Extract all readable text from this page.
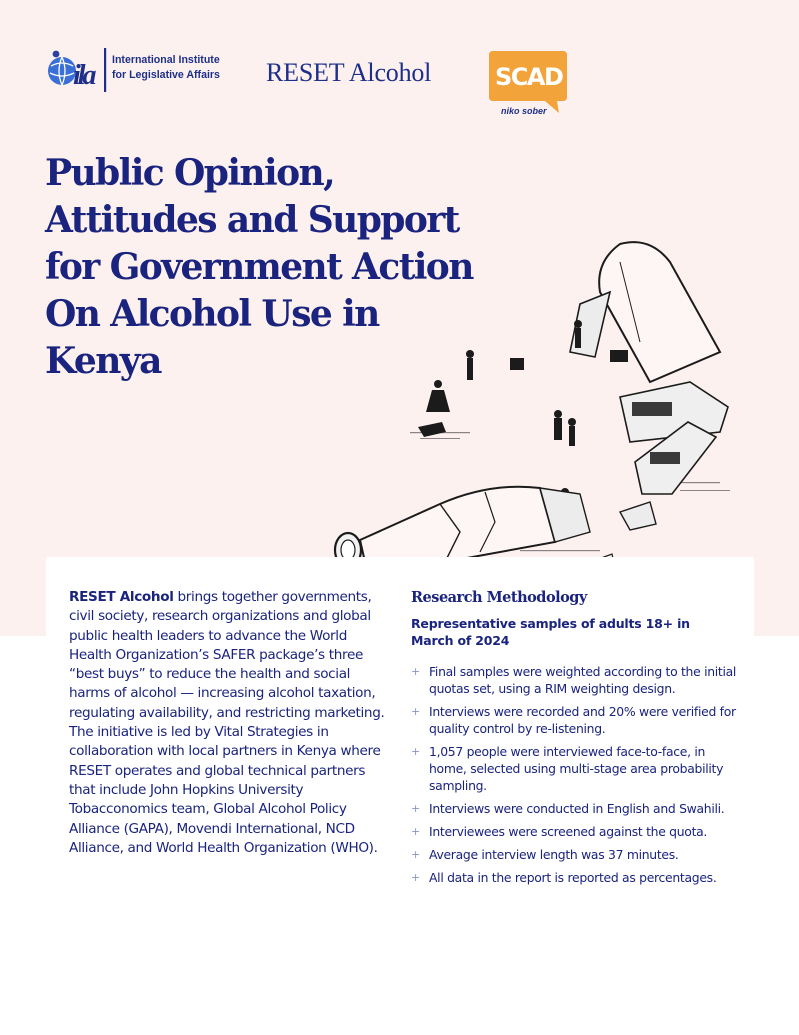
ila International Institute
for Legislative Affairs RESET Alcohol	SCAD
niko sober
Public Opinion, Attitudes and Support for Government Action On Alcohol Use in Kenya

RESET Alcohol brings together governments, civil society, research organizations and global public health leaders to advance the World Health Organization’s SAFER package’s three “best buys” to reduce the health and social harms of alcohol — increasing alcohol taxation, regulating availability, and restricting marketing. The initiative is led by Vital Strategies in collaboration with local partners in Kenya where RESET operates and global technical partners that include John Hopkins University Tobacconomics team, Global Alcohol Policy Alliance (GAPA), Movendi International, NCD Alliance, and World Health Organization (WHO).

Research Methodology

Representative samples of adults 18+ in March of 2024

+ Final samples were weighted according to the initial quotas set, using a RIM weighting design.
+ Interviews were recorded and 20% were verified for quality control by re-listening.
+ 1,057 people were interviewed face-to-face, in home, selected using multi-stage area probability sampling.
+ Interviews were conducted in English and Swahili.
+ Interviewees were screened against the quota.
+ Average interview length was 37 minutes.
+ All data in the report is reported as percentages.
